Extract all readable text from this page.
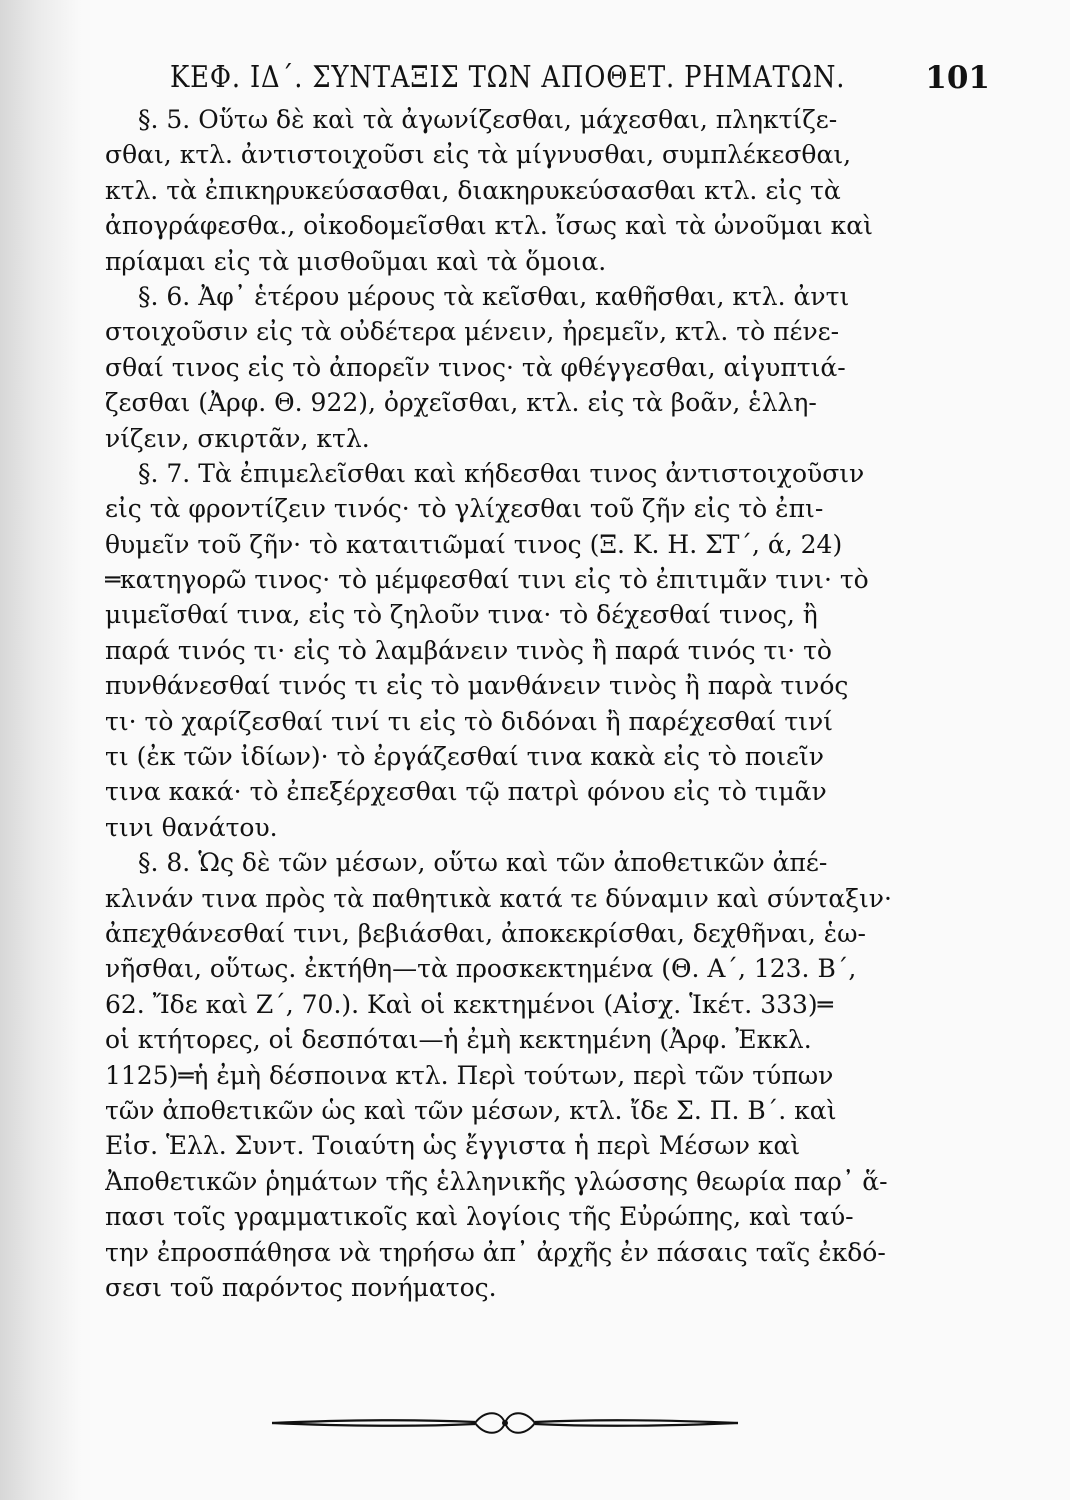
ΚΕΦ. ΙΔ΄. ΣΥΝΤΑΞΙΣ ΤΩΝ ΑΠΟΘΕΤ. ΡΗΜΑΤΩΝ.	101
§. 5. Οὕτω δὲ καὶ τὰ ἀγωνίζεσθαι, μάχεσθαι, πληκτίζε-
σθαι, κτλ. ἀντιστοιχοῦσι εἰς τὰ μίγνυσθαι, συμπλέκεσθαι,
κτλ. τὰ ἐπικηρυκεύσασθαι, διακηρυκεύσασθαι κτλ. εἰς τὰ
ἀπογράφεσθα., οἰκοδομεῖσθαι κτλ. ἴσως καὶ τὰ ὠνοῦμαι καὶ
πρίαμαι εἰς τὰ μισθοῦμαι καὶ τὰ ὅμοια.
§. 6. Ἀφ᾽ ἑτέρου μέρους τὰ κεῖσθαι, καθῆσθαι, κτλ. ἀντι
στοιχοῦσιν εἰς τὰ οὐδέτερα μένειν, ἠρεμεῖν, κτλ. τὸ πένε-
σθαί τινος εἰς τὸ ἀπορεῖν τινος· τὰ φθέγγεσθαι, αἰγυπτιά-
ζεσθαι (Ἀρφ. Θ. 922), ὀρχεῖσθαι, κτλ. εἰς τὰ βοᾶν, ἑλλη-
νίζειν, σκιρτᾶν, κτλ.
§. 7. Τὰ ἐπιμελεῖσθαι καὶ κήδεσθαι τινος ἀντιστοιχοῦσιν
εἰς τὰ φροντίζειν τινός· τὸ γλίχεσθαι τοῦ ζῆν εἰς τὸ ἐπι-
θυμεῖν τοῦ ζῆν· τὸ καταιτιῶμαί τινος (Ξ. Κ. Η. ΣΤ΄, ά, 24)
═κατηγορῶ τινος· τὸ μέμφεσθαί τινι εἰς τὸ ἐπιτιμᾶν τινι· τὸ
μιμεῖσθαί τινα, εἰς τὸ ζηλοῦν τινα· τὸ δέχεσθαί τινος, ἢ
παρά τινός τι· εἰς τὸ λαμβάνειν τινὸς ἢ παρά τινός τι· τὸ
πυνθάνεσθαί τινός τι εἰς τὸ μανθάνειν τινὸς ἢ παρὰ τινός
τι· τὸ χαρίζεσθαί τινί τι εἰς τὸ διδόναι ἢ παρέχεσθαί τινί
τι (ἐκ τῶν ἰδίων)· τὸ ἐργάζεσθαί τινα κακὰ εἰς τὸ ποιεῖν
τινα κακά· τὸ ἐπεξέρχεσθαι τῷ πατρὶ φόνου εἰς τὸ τιμᾶν
τινι θανάτου.
§. 8. Ὡς δὲ τῶν μέσων, οὕτω καὶ τῶν ἀποθετικῶν ἀπέ-
κλινάν τινα πρὸς τὰ παθητικὰ κατά τε δύναμιν καὶ σύνταξιν·
ἀπεχθάνεσθαί τινι, βεβιάσθαι, ἀποκεκρίσθαι, δεχθῆναι, ἑω-
νῆσθαι, οὕτως. ἐκτήθη—τὰ προσκεκτημένα (Θ. Α΄, 123. Β΄,
62. Ἴδε καὶ Ζ΄, 70.). Καὶ οἱ κεκτημένοι (Αἰσχ. Ἱκέτ. 333)═
οἱ κτήτορες, οἱ δεσπόται—ἡ ἐμὴ κεκτημένη (Ἀρφ. Ἐκκλ.
1125)═ἡ ἐμὴ δέσποινα κτλ. Περὶ τούτων, περὶ τῶν τύπων
τῶν ἀποθετικῶν ὡς καὶ τῶν μέσων, κτλ. ἴδε Σ. Π. Β΄. καὶ
Εἰσ. Ἑλλ. Συντ. Τοιαύτη ὡς ἔγγιστα ἡ περὶ Μέσων καὶ
Ἀποθετικῶν ῥημάτων τῆς ἑλληνικῆς γλώσσης θεωρία παρ᾽ ἅ-
πασι τοῖς γραμματικοῖς καὶ λογίοις τῆς Εὐρώπης, καὶ ταύ-
την ἐπροσπάθησα νὰ τηρήσω ἀπ᾽ ἀρχῆς ἐν πάσαις ταῖς ἐκδό-
σεσι τοῦ παρόντος πονήματος.
